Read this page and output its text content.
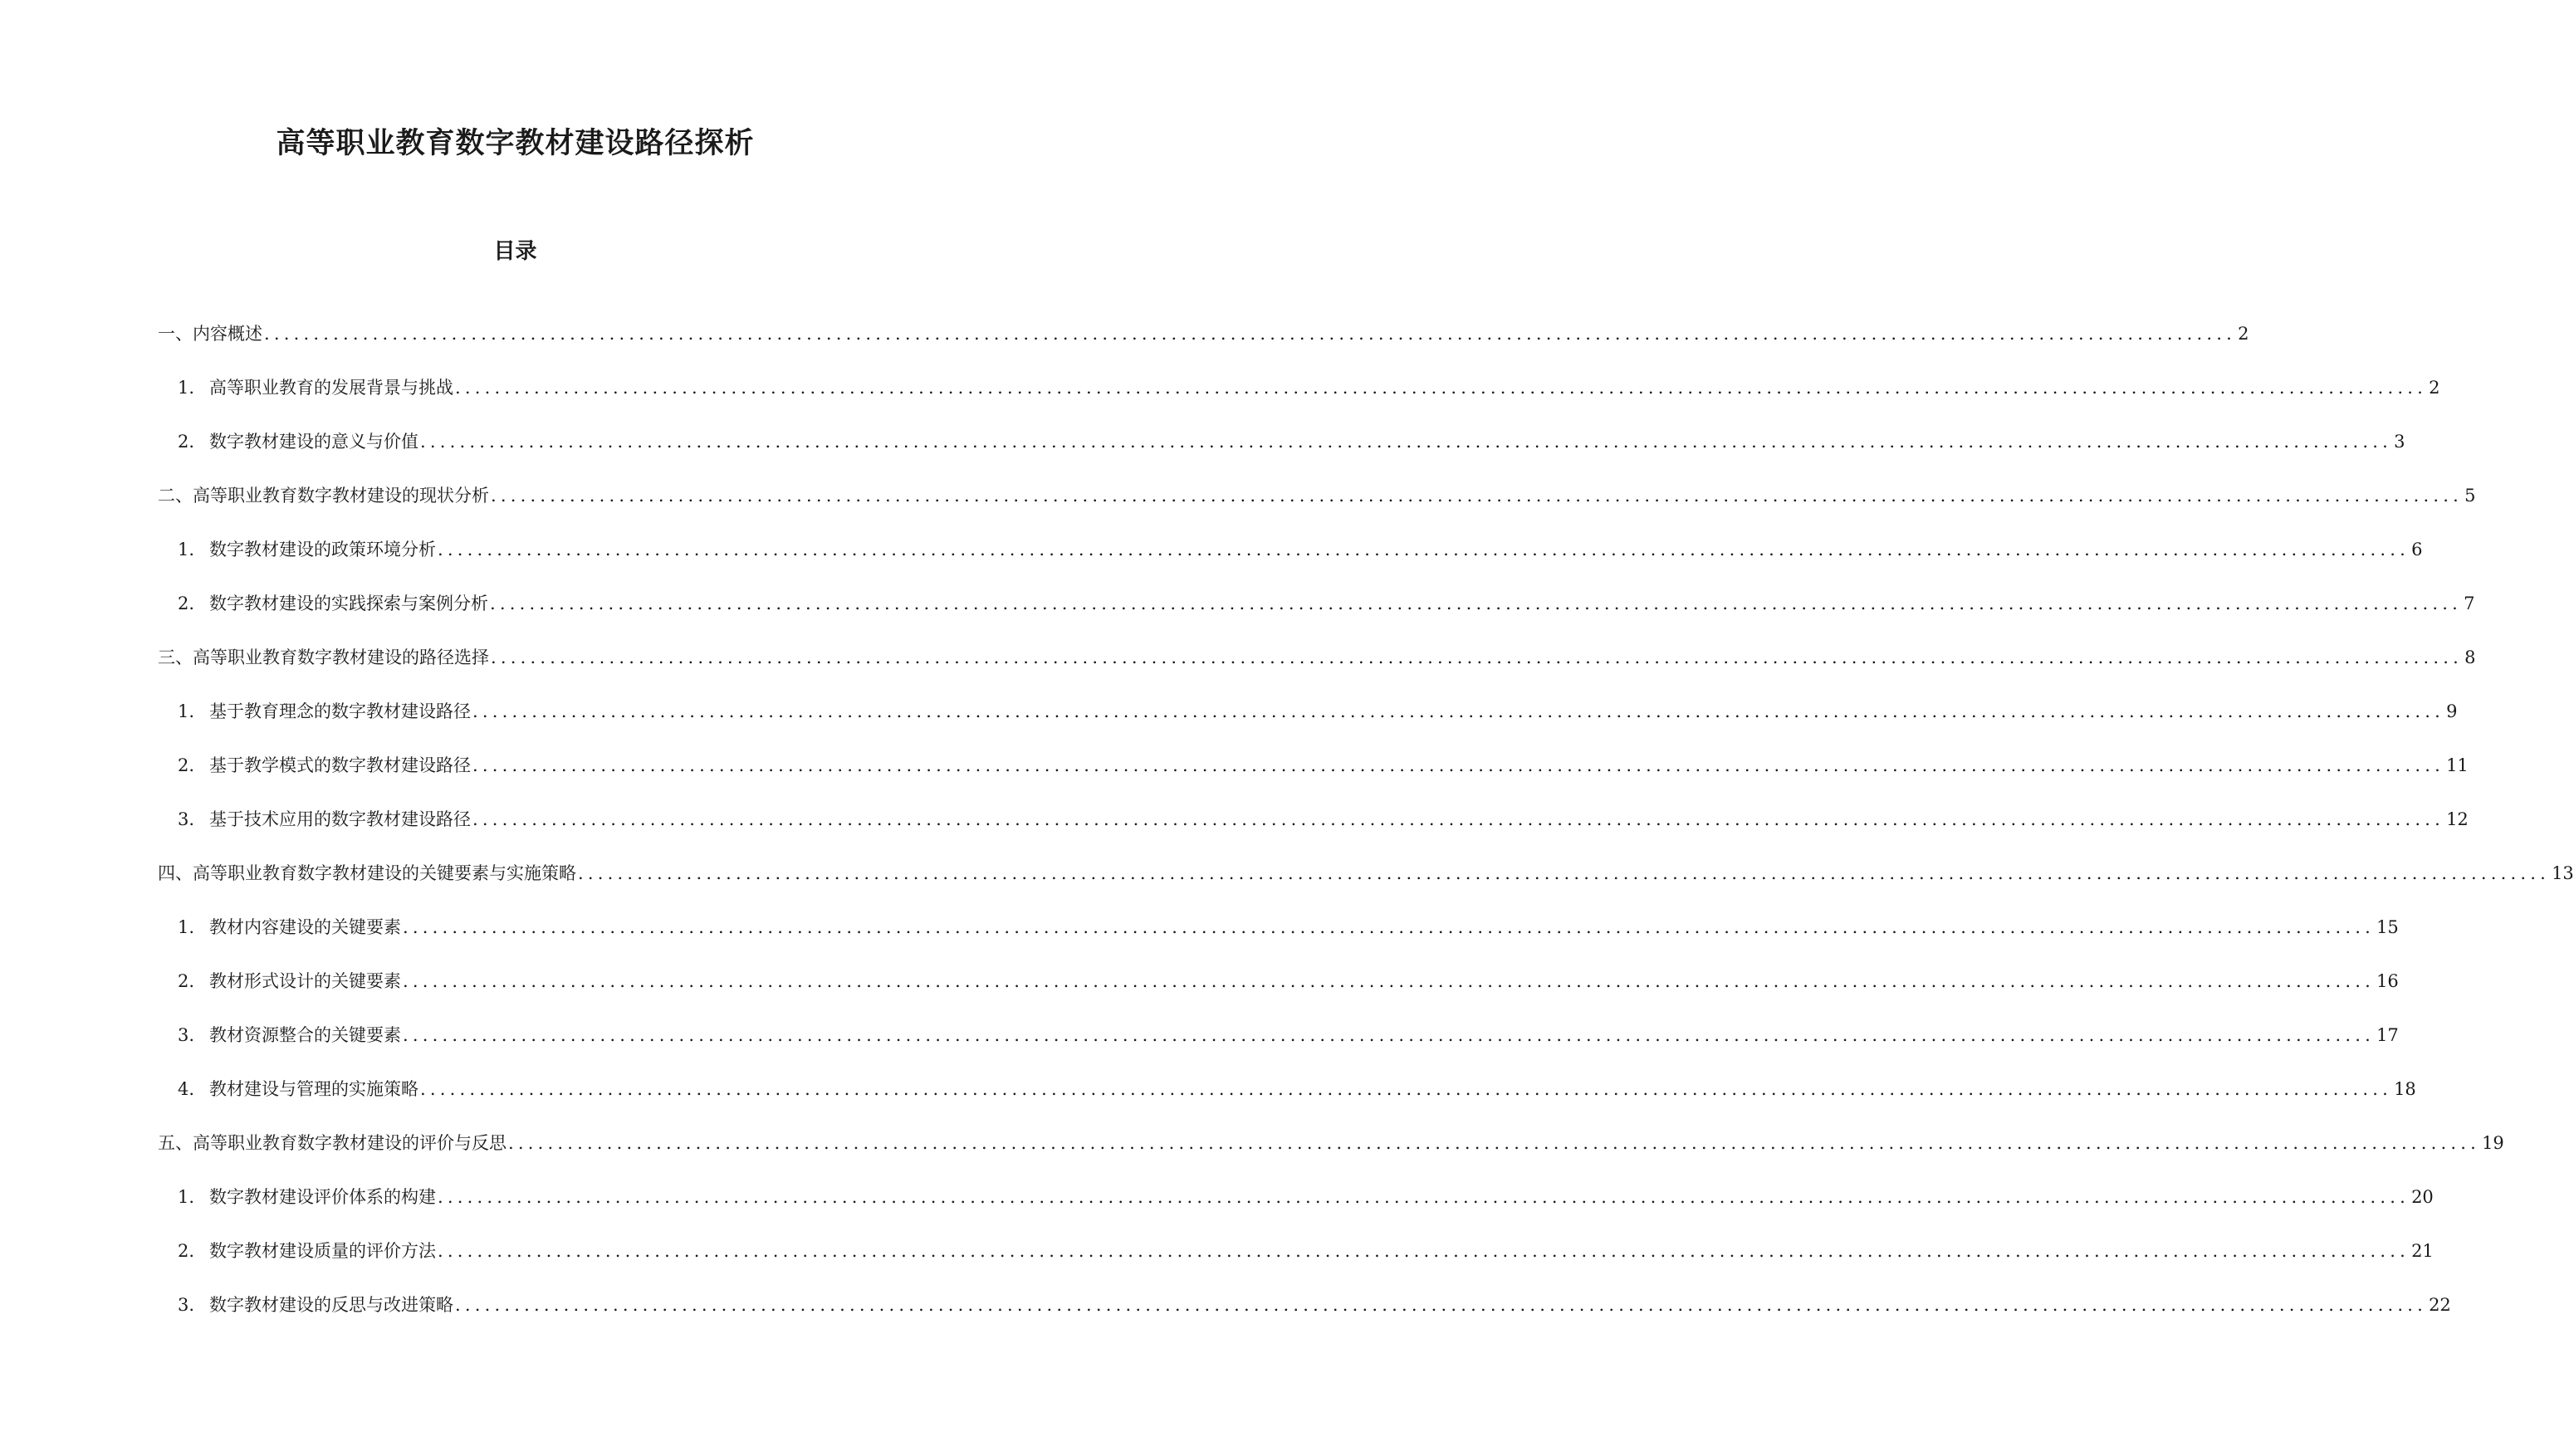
高等职业教育数字教材建设路径探析
目录
一、内容概述 ........................................................................................................................................................................................................ 2
1. 高等职业教育的发展背景与挑战 ........................................................................................................................................................................................................ 2
2. 数字教材建设的意义与价值 ........................................................................................................................................................................................................ 3
二、高等职业教育数字教材建设的现状分析 ........................................................................................................................................................................................................ 5
1. 数字教材建设的政策环境分析 ........................................................................................................................................................................................................ 6
2. 数字教材建设的实践探索与案例分析 ........................................................................................................................................................................................................ 7
三、高等职业教育数字教材建设的路径选择 ........................................................................................................................................................................................................ 8
1. 基于教育理念的数字教材建设路径 ........................................................................................................................................................................................................ 9
2. 基于教学模式的数字教材建设路径 ........................................................................................................................................................................................................ 11
3. 基于技术应用的数字教材建设路径 ........................................................................................................................................................................................................ 12
四、高等职业教育数字教材建设的关键要素与实施策略 ........................................................................................................................................................................................................ 13
1. 教材内容建设的关键要素 ........................................................................................................................................................................................................ 15
2. 教材形式设计的关键要素 ........................................................................................................................................................................................................ 16
3. 教材资源整合的关键要素 ........................................................................................................................................................................................................ 17
4. 教材建设与管理的实施策略 ........................................................................................................................................................................................................ 18
五、高等职业教育数字教材建设的评价与反思 ........................................................................................................................................................................................................ 19
1. 数字教材建设评价体系的构建 ........................................................................................................................................................................................................ 20
2. 数字教材建设质量的评价方法 ........................................................................................................................................................................................................ 21
3. 数字教材建设的反思与改进策略 ........................................................................................................................................................................................................ 22
